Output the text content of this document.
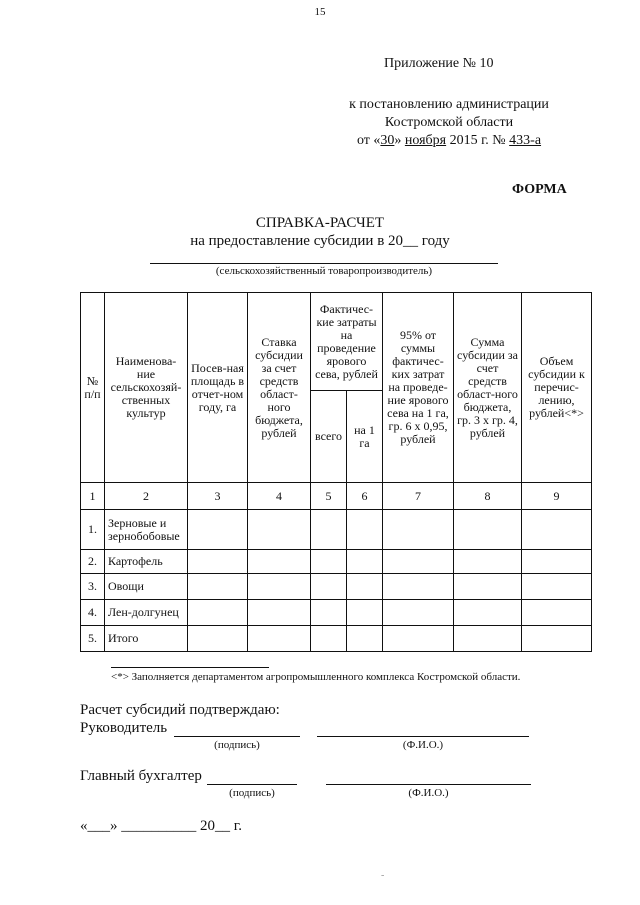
15
Приложение № 10
к постановлению администрации
Костромской области
от «30» ноября 2015 г. № 433-а
ФОРМА
СПРАВКА-РАСЧЕТ
на предоставление субсидии в 20__ году
(сельскохозяйственный товаропроизводитель)
№ п/п	Наименова-ние сельскохозяй-ственных культур	Посев-ная площадь в отчет-ном году, га	Ставка субсидии за счет средств област-ного бюджета, рублей	Фактичес-кие затраты на проведение ярового сева, рублей		95% от суммы фактичес-ких затрат на проведе-ние ярового сева на 1 га, гр. 6 х 0,95, рублей	Сумма субсидии за счет средств област-ного бюджета, гр. 3 х гр. 4, рублей	Объем субсидии к перечис-лению, рублей<*>
				всего	на 1 га			
1	2	3	4	5	6	7	8	9
1.	Зерновые и зернобобовые							
2.	Картофель							
3.	Овощи							
4.	Лен-долгунец							
5.	Итого							
<*> Заполняется департаментом агропромышленного комплекса Костромской области.
Расчет субсидий подтверждаю:
Руководитель
(подпись)	(Ф.И.О.)
Главный бухгалтер
(подпись)	(Ф.И.О.)
«___» __________ 20__ г.
-
